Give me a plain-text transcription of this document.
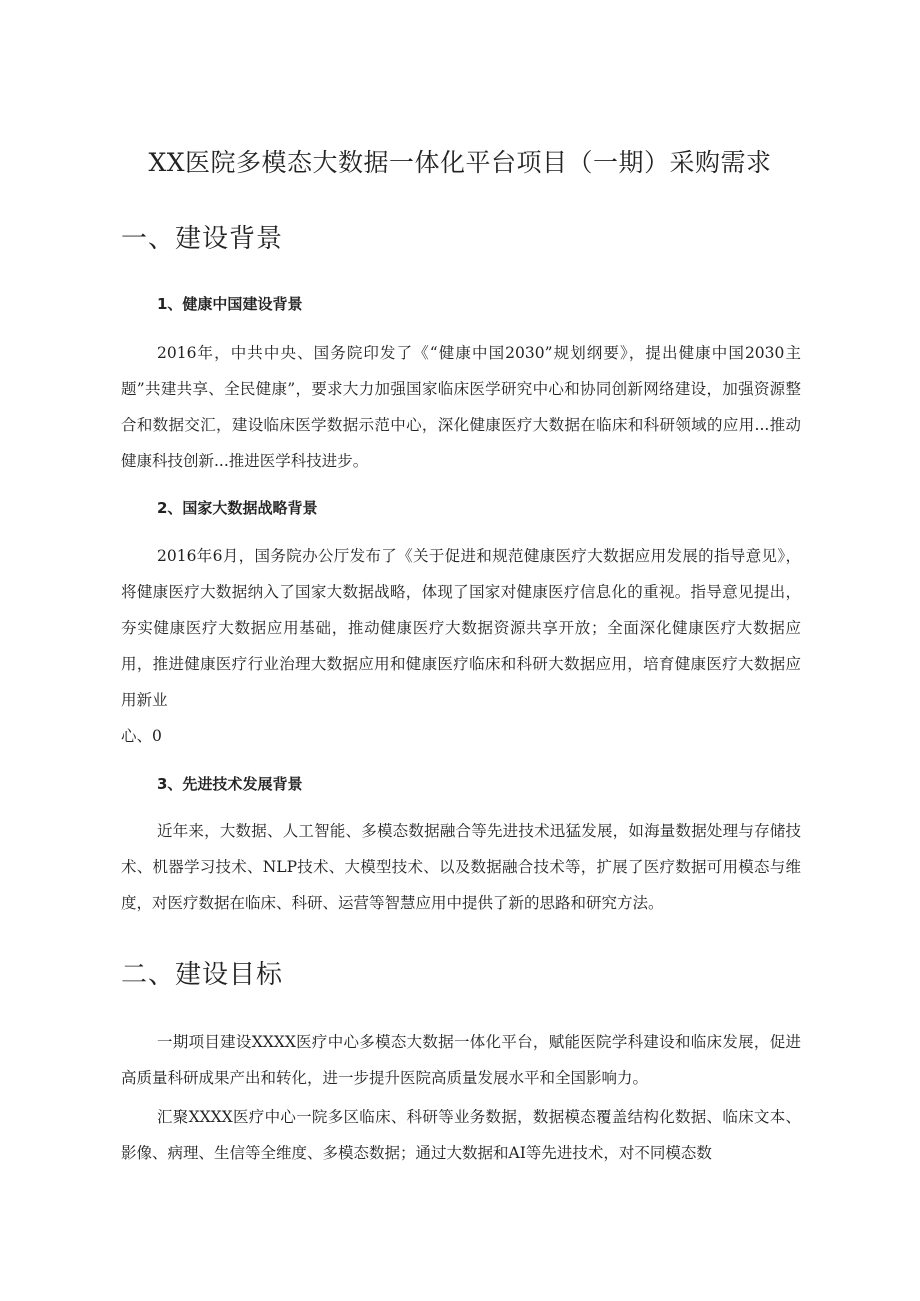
XX医院多模态大数据一体化平台项目（一期）采购需求
一、建设背景
1、健康中国建设背景
2016年，中共中央、国务院印发了《“健康中国2030”规划纲要》，提出健康中国2030主题”共建共享、全民健康”，要求大力加强国家临床医学研究中心和协同创新网络建设，加强资源整合和数据交汇，建设临床医学数据示范中心，深化健康医疗大数据在临床和科研领域的应用...推动健康科技创新...推进医学科技进步。
2、国家大数据战略背景
2016年6月，国务院办公厅发布了《关于促进和规范健康医疗大数据应用发展的指导意见》，将健康医疗大数据纳入了国家大数据战略，体现了国家对健康医疗信息化的重视。指导意见提出，夯实健康医疗大数据应用基础，推动健康医疗大数据资源共享开放；全面深化健康医疗大数据应用，推进健康医疗行业治理大数据应用和健康医疗临床和科研大数据应用，培育健康医疗大数据应用新业
心、0
3、先进技术发展背景
近年来，大数据、人工智能、多模态数据融合等先进技术迅猛发展，如海量数据处理与存储技术、机器学习技术、NLP技术、大模型技术、以及数据融合技术等，扩展了医疗数据可用模态与维度，对医疗数据在临床、科研、运营等智慧应用中提供了新的思路和研究方法。
二、建设目标
一期项目建设XXXX医疗中心多模态大数据一体化平台，赋能医院学科建设和临床发展，促进高质量科研成果产出和转化，进一步提升医院高质量发展水平和全国影响力。
汇聚XXXX医疗中心一院多区临床、科研等业务数据，数据模态覆盖结构化数据、临床文本、影像、病理、生信等全维度、多模态数据；通过大数据和AI等先进技术，对不同模态数
